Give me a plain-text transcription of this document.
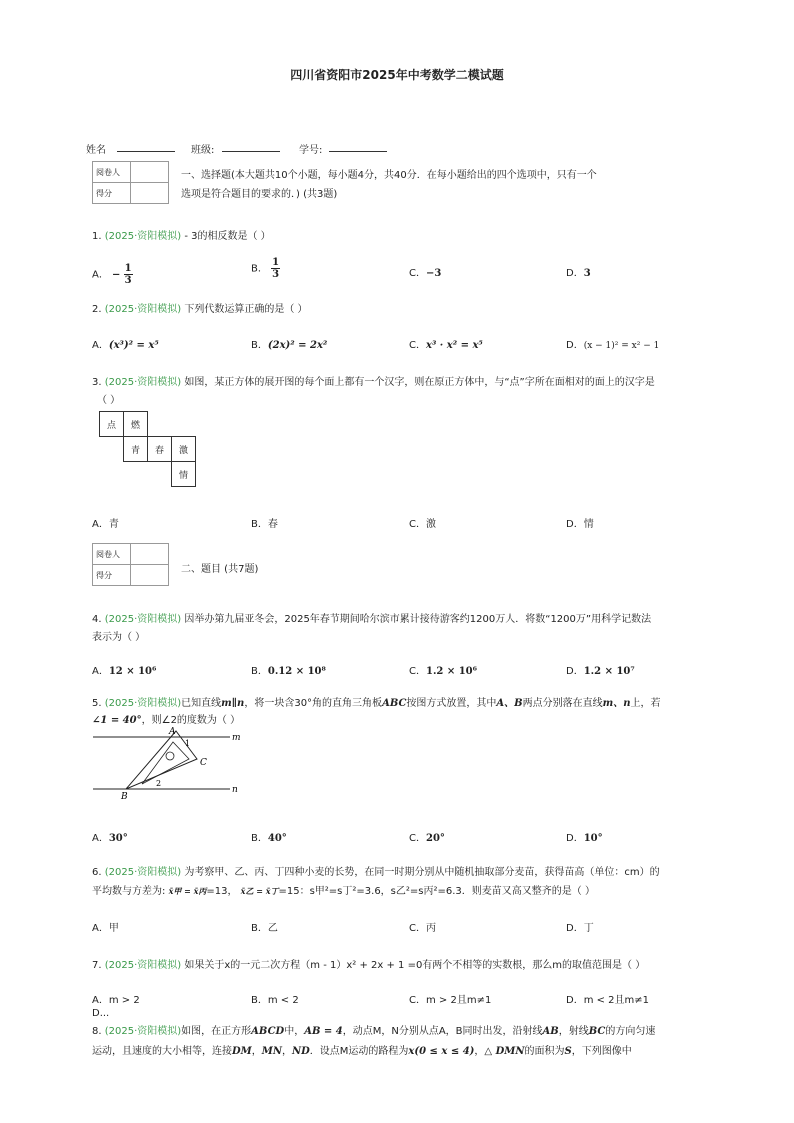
四川省资阳市2025年中考数学二模试题
姓名	班级:	学号:
阅卷人	
得分	
一、选择题(本大题共10个小题，每小题4分，共40分．在每小题给出的四个选项中，只有一个
选项是符合题目的要求的．) (共3题)
1. (2025·资阳模拟) - 3的相反数是（ ）
A． − $\frac{1}{3}$	B． $\frac{1}{3}$	C．−3	D．3
2. (2025·资阳模拟) 下列代数运算正确的是（ ）
A．(x³)² = x⁵	B．(2x)² = 2x²	C．x³ · x² = x⁵	D．(x − 1)² = x² − 1
3. (2025·资阳模拟) 如图，某正方体的展开图的每个面上都有一个汉字，则在原正方体中，与“点”字所在面相对的面上的汉字是
（ ）
点	燃		
	青	春	激
			情
A．青	B．春	C．激	D．情
阅卷人	
得分		二、题目 (共7题)
4. (2025·资阳模拟) 因举办第九届亚冬会，2025年春节期间哈尔滨市累计接待游客约1200万人．将数“1200万”用科学记数法
表示为（ ）
A．12 × 10⁶	B．0.12 × 10⁸	C．1.2 × 10⁶	D．1.2 × 10⁷
5. (2025·资阳模拟)已知直线m∥n，将一块含30°角的直角三角板ABC按图方式放置，其中A、B两点分别落在直线m、n上，若
∠1 = 40°，则∠2的度数为（ ）
A
B
C
m
n
1
2
A．30°	B．40°	C．20°	D．10°
6. (2025·资阳模拟) 为考察甲、乙、丙、丁四种小麦的长势，在同一时期分别从中随机抽取部分麦苗，获得苗高（单位：cm）的
平均数与方差为: x̄甲 = x̄丙=13， x̄乙 = x̄丁=15：s甲²=s丁²=3.6，s乙²=s丙²=6.3．则麦苗又高又整齐的是（ ）
A．甲	B．乙	C．丙	D．丁
7. (2025·资阳模拟) 如果关于x的一元二次方程（m - 1）x² + 2x + 1 =0有两个不相等的实数根，那么m的取值范围是（ ）
A．m > 2	B．m < 2	C．m > 2且m≠1	D．m < 2且m≠1
D...
8. (2025·资阳模拟)如图，在正方形ABCD中，AB = 4，动点M，N分别从点A，B同时出发，沿射线AB，射线BC的方向匀速
运动，且速度的大小相等，连接DM，MN，ND．设点M运动的路程为x(0 ≤ x ≤ 4)，△ DMN的面积为S，下列图像中
